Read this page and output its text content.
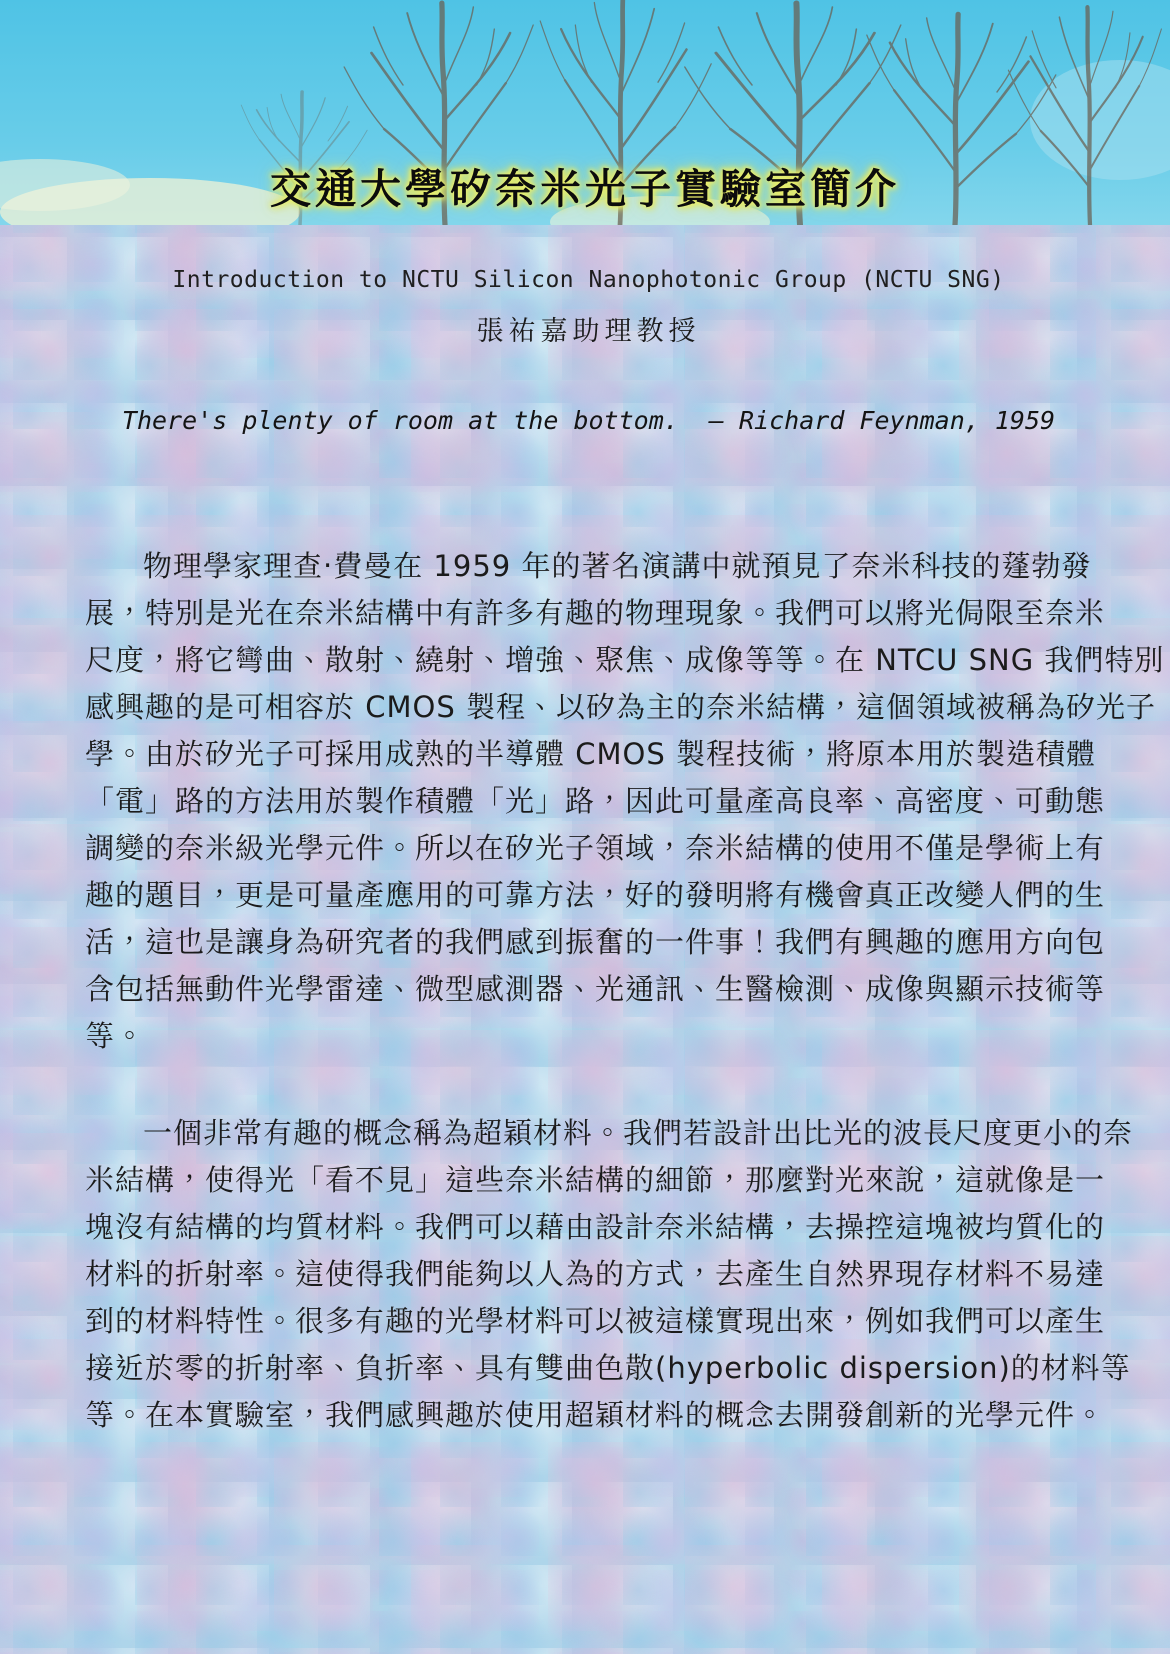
交通大學矽奈米光子實驗室簡介
Introduction to NCTU Silicon Nanophotonic Group (NCTU SNG)
張祐嘉助理教授
There's plenty of room at the bottom.  – Richard Feynman, 1959
物理學家理查‧費曼在 1959 年的著名演講中就預見了奈米科技的蓬勃發
展，特別是光在奈米結構中有許多有趣的物理現象。我們可以將光侷限至奈米
尺度，將它彎曲、散射、繞射、增強、聚焦、成像等等。在 NTCU SNG 我們特別
感興趣的是可相容於 CMOS 製程、以矽為主的奈米結構，這個領域被稱為矽光子
學。由於矽光子可採用成熟的半導體 CMOS 製程技術，將原本用於製造積體
「電」路的方法用於製作積體「光」路，因此可量產高良率、高密度、可動態
調變的奈米級光學元件。所以在矽光子領域，奈米結構的使用不僅是學術上有
趣的題目，更是可量產應用的可靠方法，好的發明將有機會真正改變人們的生
活，這也是讓身為研究者的我們感到振奮的一件事！我們有興趣的應用方向包
含包括無動件光學雷達、微型感測器、光通訊、生醫檢測、成像與顯示技術等
等。
一個非常有趣的概念稱為超穎材料。我們若設計出比光的波長尺度更小的奈
米結構，使得光「看不見」這些奈米結構的細節，那麼對光來說，這就像是一
塊沒有結構的均質材料。我們可以藉由設計奈米結構，去操控這塊被均質化的
材料的折射率。這使得我們能夠以人為的方式，去產生自然界現存材料不易達
到的材料特性。很多有趣的光學材料可以被這樣實現出來，例如我們可以產生
接近於零的折射率、負折率、具有雙曲色散(hyperbolic dispersion)的材料等
等。在本實驗室，我們感興趣於使用超穎材料的概念去開發創新的光學元件。
